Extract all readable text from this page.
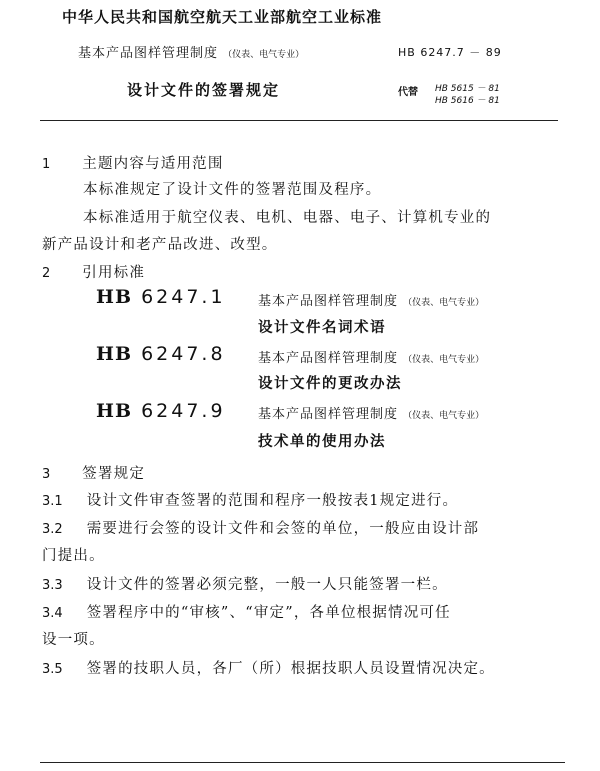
中华人民共和国航空航天工业部航空工业标准
基本产品图样管理制度 （仪表、电气专业）	HB 6247.7 － 89
设计文件的签署规定	代替 HB 5615 － 81
HB 5616 － 81
1 主题内容与适用范围
本标准规定了设计文件的签署范围及程序。
本标准适用于航空仪表、电机、电器、电子、计算机专业的
新产品设计和老产品改进、改型。
2 引用标准
HB 6247.1 基本产品图样管理制度 （仪表、电气专业）
设计文件名词术语
HB 6247.8 基本产品图样管理制度 （仪表、电气专业）
设计文件的更改办法
HB 6247.9 基本产品图样管理制度 （仪表、电气专业）
技术单的使用办法
3 签署规定
3.1 设计文件审查签署的范围和程序一般按表1规定进行。
3.2 需要进行会签的设计文件和会签的单位，一般应由设计部
门提出。
3.3 设计文件的签署必须完整，一般一人只能签署一栏。
3.4 签署程序中的“审核”、“审定”，各单位根据情况可任
设一项。
3.5 签署的技职人员，各厂（所）根据技职人员设置情况决定。
